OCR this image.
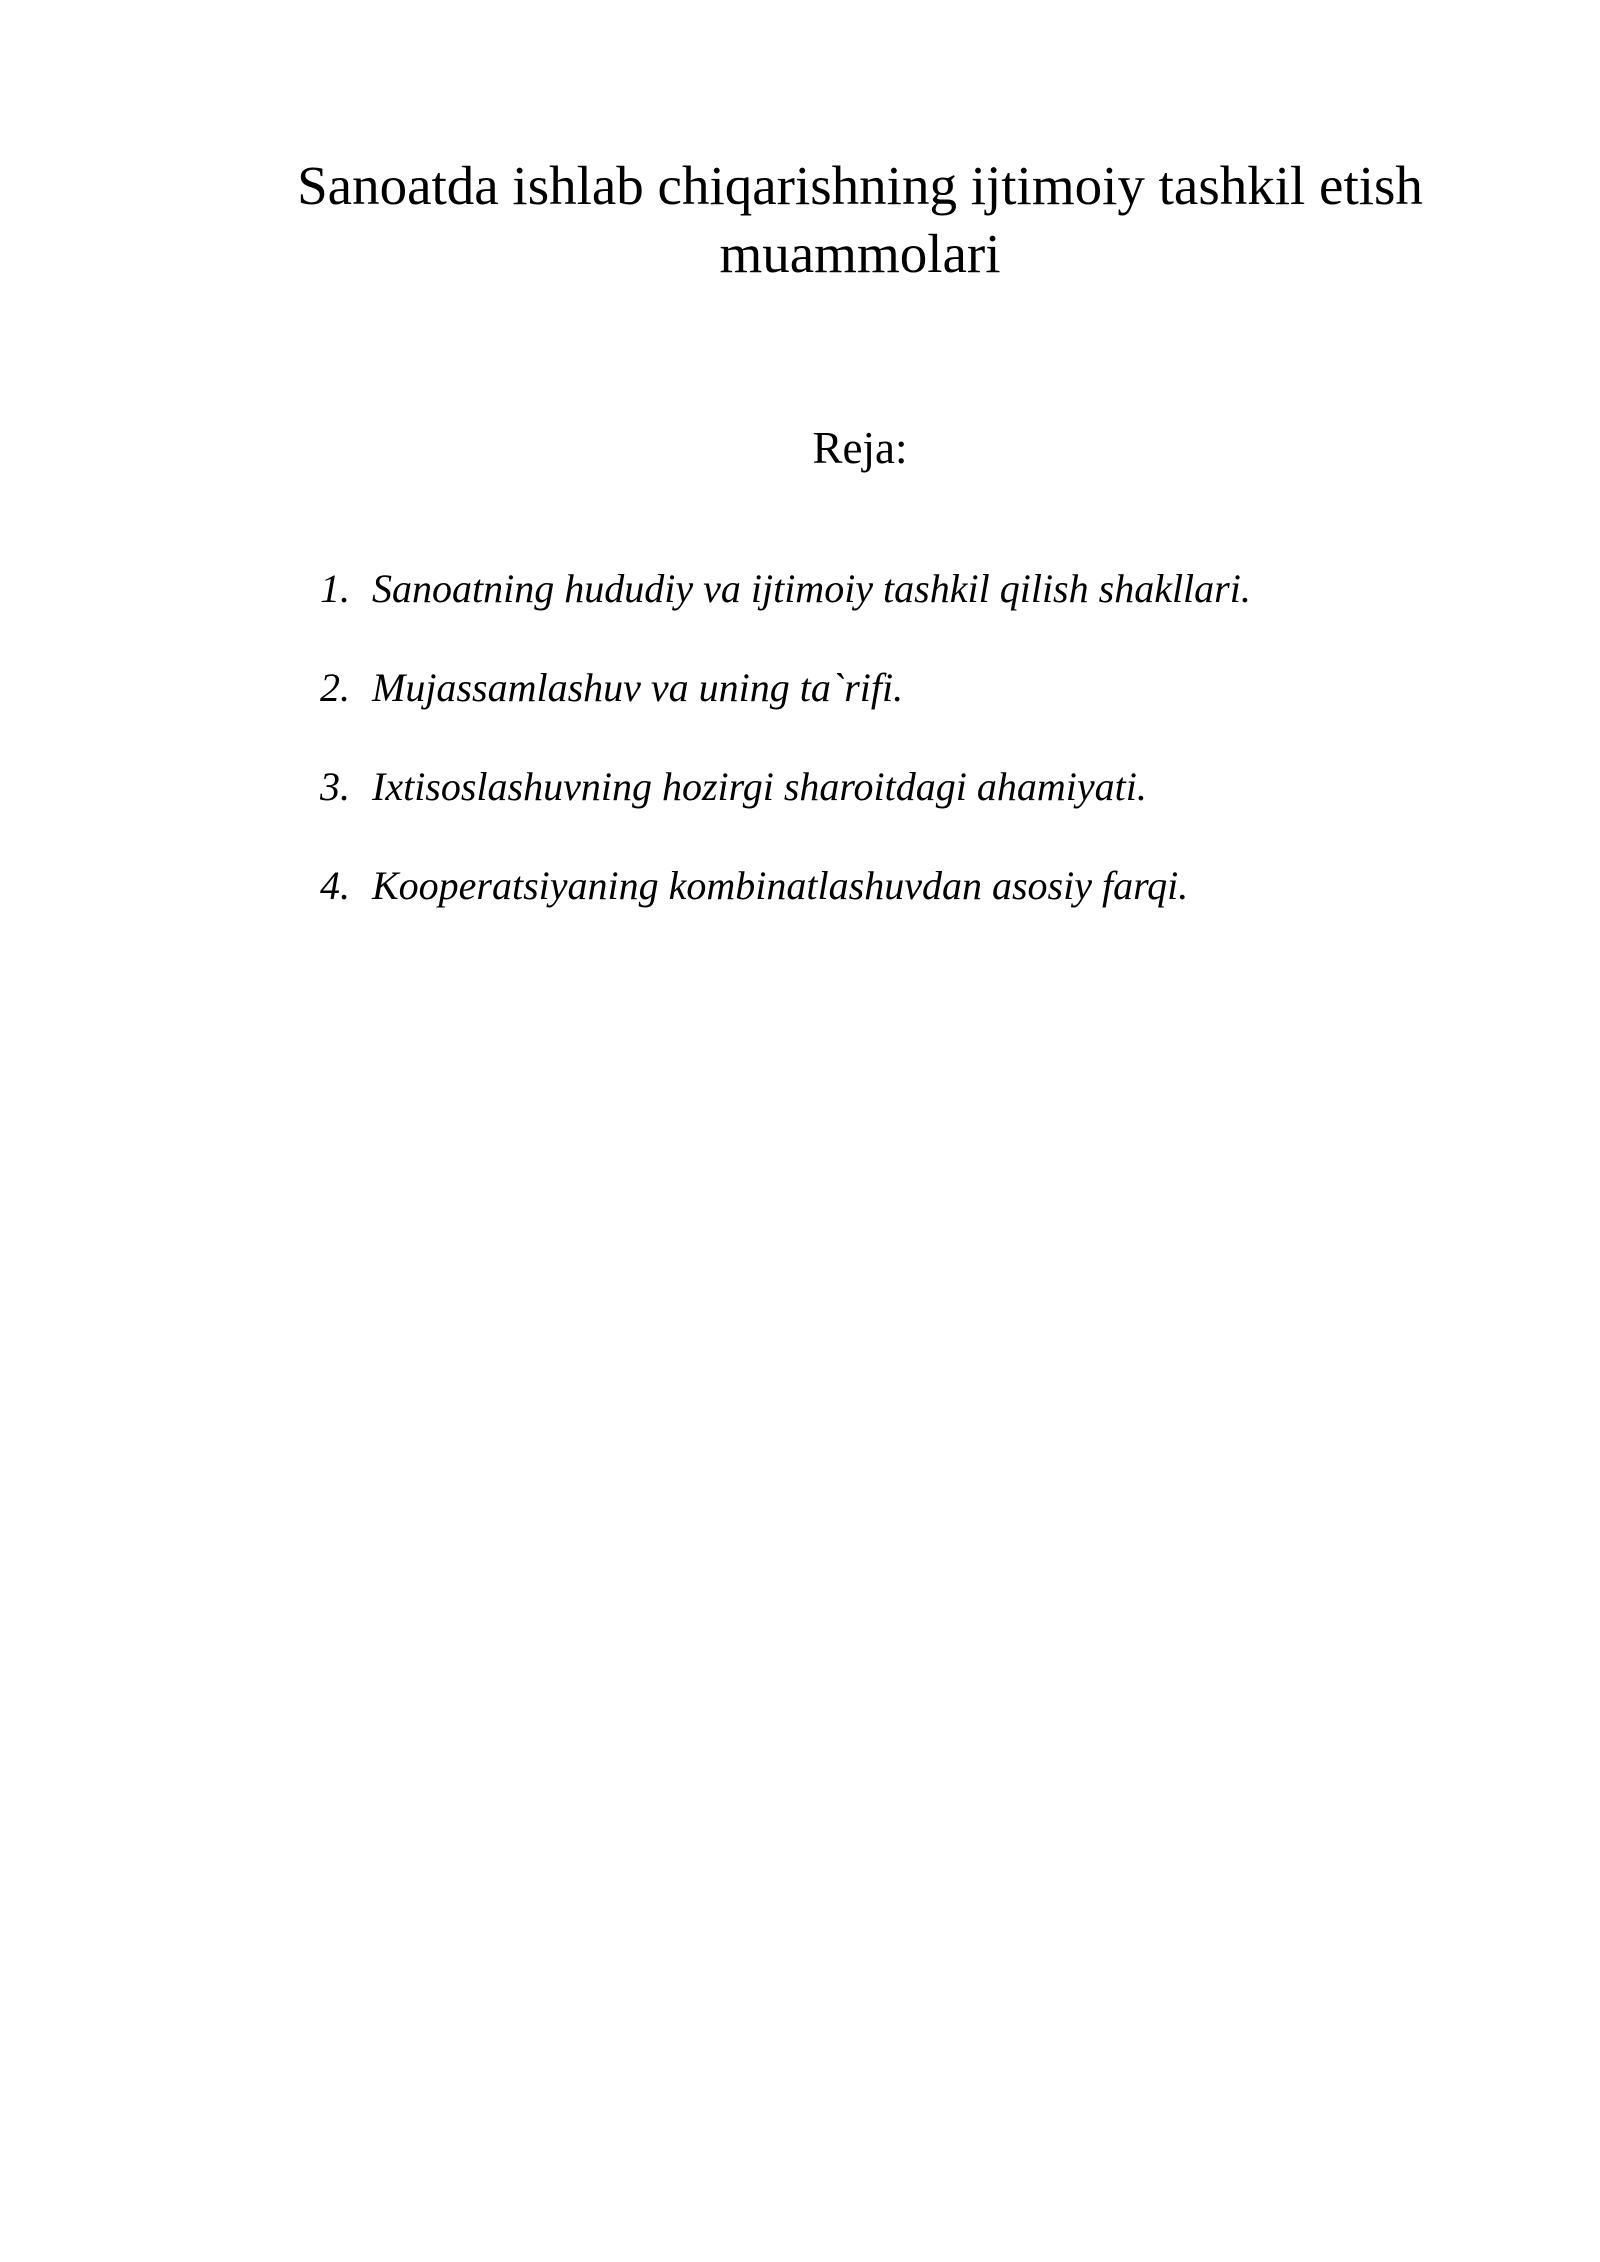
Sanoatda ishlab chiqarishning ijtimoiy tashkil etish muammolari
Reja:
1. Sanoatning hududiy va ijtimoiy tashkil qilish shakllari.
2. Mujassamlashuv va uning ta`rifi.
3. Ixtisoslashuvning hozirgi sharoitdagi ahamiyati.
4. Kooperatsiyaning kombinatlashuvdan asosiy farqi.
